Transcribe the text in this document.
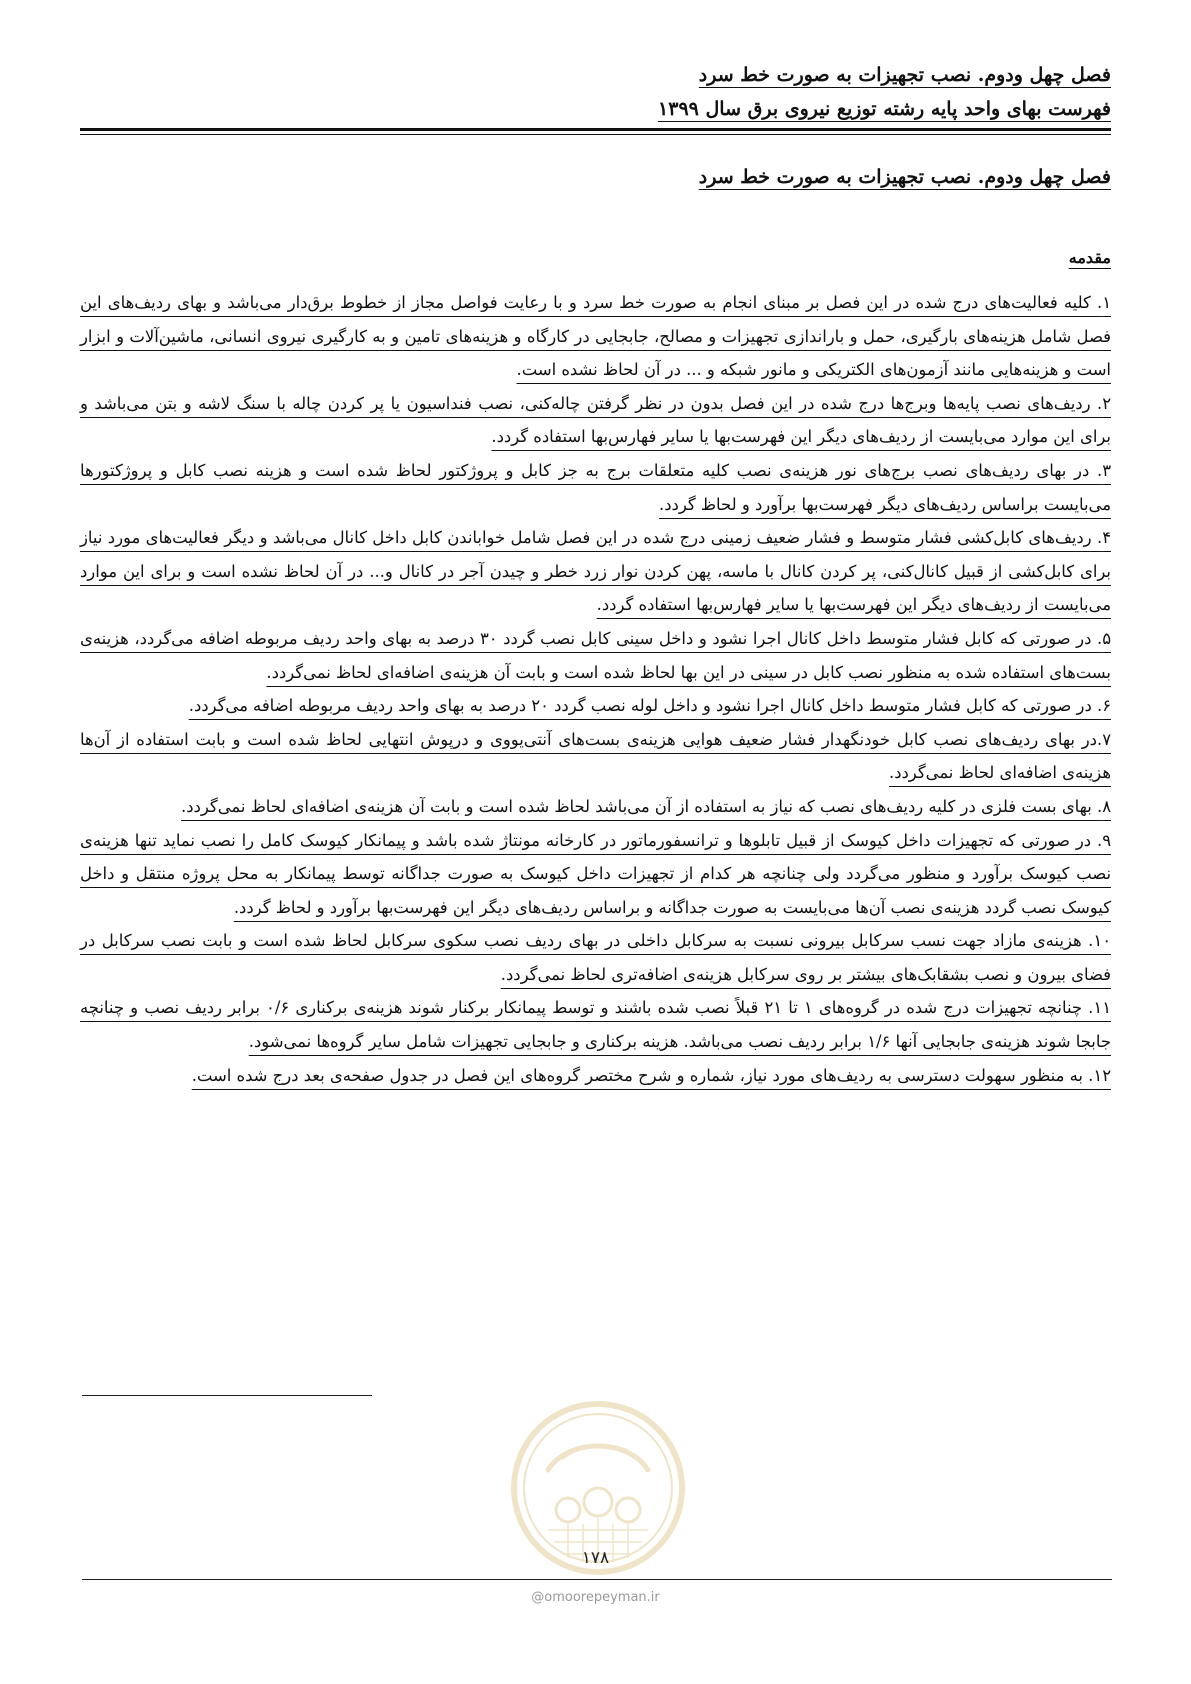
فصل چهل ودوم. نصب تجهیزات به صورت خط سرد
فهرست بهای واحد پایه رشته توزیع نیروی برق سال ۱۳۹۹
فصل چهل ودوم. نصب تجهیزات به صورت خط سرد
مقدمه

۱. کلیه فعالیت‌های درج شده در این فصل بر مبنای انجام به صورت خط سرد و با رعایت فواصل مجاز از خطوط برق‌دار می‌باشد و بهای ردیف‌های این فصل شامل هزینه‌های بارگیری، حمل و باراندازی تجهیزات و مصالح، جابجایی در کارگاه و هزینه‌های تامین و به کارگیری نیروی انسانی، ماشین‌آلات و ابزار است و هزینه‌هایی مانند آزمون‌های الکتریکی و مانور شبکه و ... در آن لحاظ نشده است.

۲. ردیف‌های نصب پایه‌ها وبرج‌ها درج شده در این فصل بدون در نظر گرفتن چاله‌کنی، نصب فنداسیون یا پر کردن چاله با سنگ لاشه و بتن می‌باشد و برای این موارد می‌بایست از ردیف‌های دیگر این فهرست‌بها یا سایر فهارس‌بها استفاده گردد.

۳. در بهای ردیف‌های نصب برج‌های نور هزینه‌ی نصب کلیه متعلقات برج به جز کابل و پروژکتور لحاظ شده است و هزینه نصب کابل و پروژکتورها می‌بایست براساس ردیف‌های دیگر فهرست‌بها برآورد و لحاظ گردد.

۴. ردیف‌های کابل‌کشی فشار متوسط و فشار ضعیف زمینی درج شده در این فصل شامل خواباندن کابل داخل کانال می‌باشد و دیگر فعالیت‌های مورد نیاز برای کابل‌کشی از قبیل کانال‌کنی، پر کردن کانال با ماسه، پهن کردن نوار زرد خطر و چیدن آجر در کانال و... در آن لحاظ نشده است و برای این موارد می‌بایست از ردیف‌های دیگر این فهرست‌بها یا سایر فهارس‌بها استفاده گردد.

۵. در صورتی که کابل فشار متوسط داخل کانال اجرا نشود و داخل سینی کابل نصب گردد ۳۰ درصد به بهای واحد ردیف مربوطه اضافه می‌گردد، هزینه‌ی بست‌های استفاده شده به منظور نصب کابل در سینی در این بها لحاظ شده است و بابت آن هزینه‌ی اضافه‌ای لحاظ نمی‌گردد.

۶. در صورتی که کابل فشار متوسط داخل کانال اجرا نشود و داخل لوله نصب گردد ۲۰ درصد به بهای واحد ردیف مربوطه اضافه می‌گردد.

۷.در بهای ردیف‌های نصب کابل خودنگهدار فشار ضعیف هوایی هزینه‌ی بست‌های آنتی‌یووی و درپوش انتهایی لحاظ شده است و بابت استفاده از آن‌ها هزینه‌ی اضافه‌ای لحاظ نمی‌گردد.

۸. بهای بست فلزی در کلیه ردیف‌های نصب که نیاز به استفاده از آن می‌باشد لحاظ شده است و بابت آن هزینه‌ی اضافه‌ای لحاظ نمی‌گردد.

۹. در صورتی که تجهیزات داخل کیوسک از قبیل تابلوها و ترانسفورماتور در کارخانه مونتاژ شده باشد و پیمانکار کیوسک کامل را نصب نماید تنها هزینه‌ی نصب کیوسک برآورد و منظور می‌گردد ولی چنانچه هر کدام از تجهیزات داخل کیوسک به صورت جداگانه توسط پیمانکار به محل پروژه منتقل و داخل کیوسک نصب گردد هزینه‌ی نصب آن‌ها می‌بایست به صورت جداگانه و براساس ردیف‌های دیگر این فهرست‌بها برآورد و لحاظ گردد.

۱۰. هزینه‌ی مازاد جهت نسب سرکابل بیرونی نسبت به سرکابل داخلی در بهای ردیف نصب سکوی سرکابل لحاظ شده است و بابت نصب سرکابل در فضای بیرون و نصب بشقابک‌های بیشتر بر روی سرکابل هزینه‌ی اضافه‌تری لحاظ نمی‌گردد.

۱۱. چنانچه تجهیزات درج شده در گروه‌های ۱ تا ۲۱ قبلاً نصب شده باشند و توسط پیمانکار برکنار شوند هزینه‌ی برکناری ۰/۶ برابر ردیف نصب و چنانچه جابجا شوند هزینه‌ی جابجایی آنها ۱/۶ برابر ردیف نصب می‌باشد. هزینه برکناری و جابجایی تجهیزات شامل سایر گروه‌ها نمی‌شود.

۱۲. به منظور سهولت دسترسی به ردیف‌های مورد نیاز، شماره و شرح مختصر گروه‌های این فصل در جدول صفحه‌ی بعد درج شده است.

۱۷۸
@omoorepeyman.ir
